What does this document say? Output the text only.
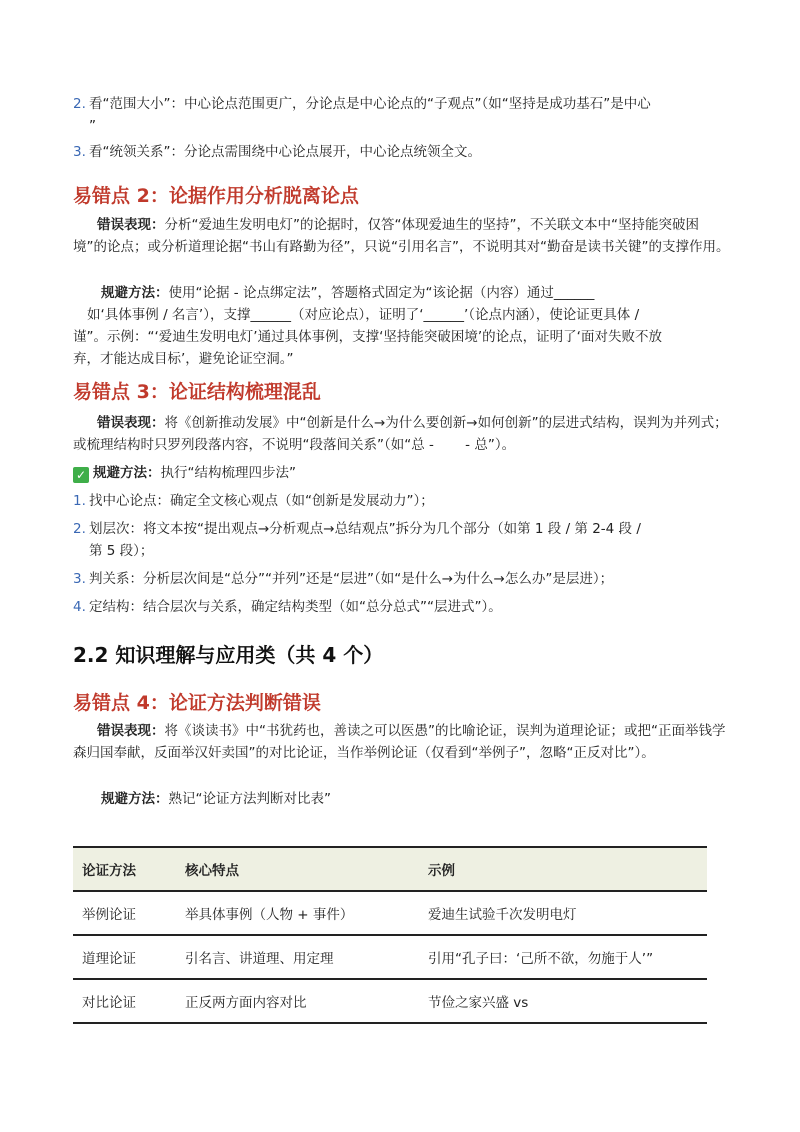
2. 看“范围大小”：中心论点范围更广，分论点是中心论点的“子观点”（如“坚持是成功基石”是中心
”
3. 看“统领关系”：分论点需围绕中心论点展开，中心论点统领全文。
易错点 2：论据作用分析脱离论点
错误表现：分析“爱迪生发明电灯”的论据时，仅答“体现爱迪生的坚持”，不关联文本中“坚持能突破困境”的论点；或分析道理论据“书山有路勤为径”，只说“引用名言”，不说明其对“勤奋是读书关键”的支撑作用。
规避方法：使用“论据 - 论点绑定法”，答题格式固定为“该论据（内容）通过______
如‘具体事例 / 名言’），支撑______（对应论点），证明了‘______’（论点内涵），使论证更具体 /
谨”。示例：“‘爱迪生发明电灯’通过具体事例，支撑‘坚持能突破困境’的论点，证明了‘面对失败不放
弃，才能达成目标’，避免论证空洞。”
易错点 3：论证结构梳理混乱
错误表现：将《创新推动发展》中“创新是什么→为什么要创新→如何创新”的层进式结构，误判为并列式；或梳理结构时只罗列段落内容，不说明“段落间关系”（如“总 - 　　- 总”）。
✓ 规避方法：执行“结构梳理四步法”
1. 找中心论点：确定全文核心观点（如“创新是发展动力”）；
2. 划层次：将文本按“提出观点→分析观点→总结观点”拆分为几个部分（如第 1 段 / 第 2-4 段 /
第 5 段）；
3. 判关系：分析层次间是“总分”“并列”还是“层进”（如“是什么→为什么→怎么办”是层进）；
4. 定结构：结合层次与关系，确定结构类型（如“总分总式”“层进式”）。
2.2 知识理解与应用类（共 4 个）
易错点 4：论证方法判断错误
错误表现：将《谈读书》中“书犹药也，善读之可以医愚”的比喻论证，误判为道理论证；或把“正面举钱学森归国奉献，反面举汉奸卖国”的对比论证，当作举例论证（仅看到“举例子”，忽略“正反对比”）。
规避方法：熟记“论证方法判断对比表”
论证方法	核心特点	示例
举例论证	举具体事例（人物 + 事件）	爱迪生试验千次发明电灯
道理论证	引名言、讲道理、用定理	引用“孔子曰：‘己所不欲，勿施于人’”
对比论证	正反两方面内容对比	节俭之家兴盛 vs
